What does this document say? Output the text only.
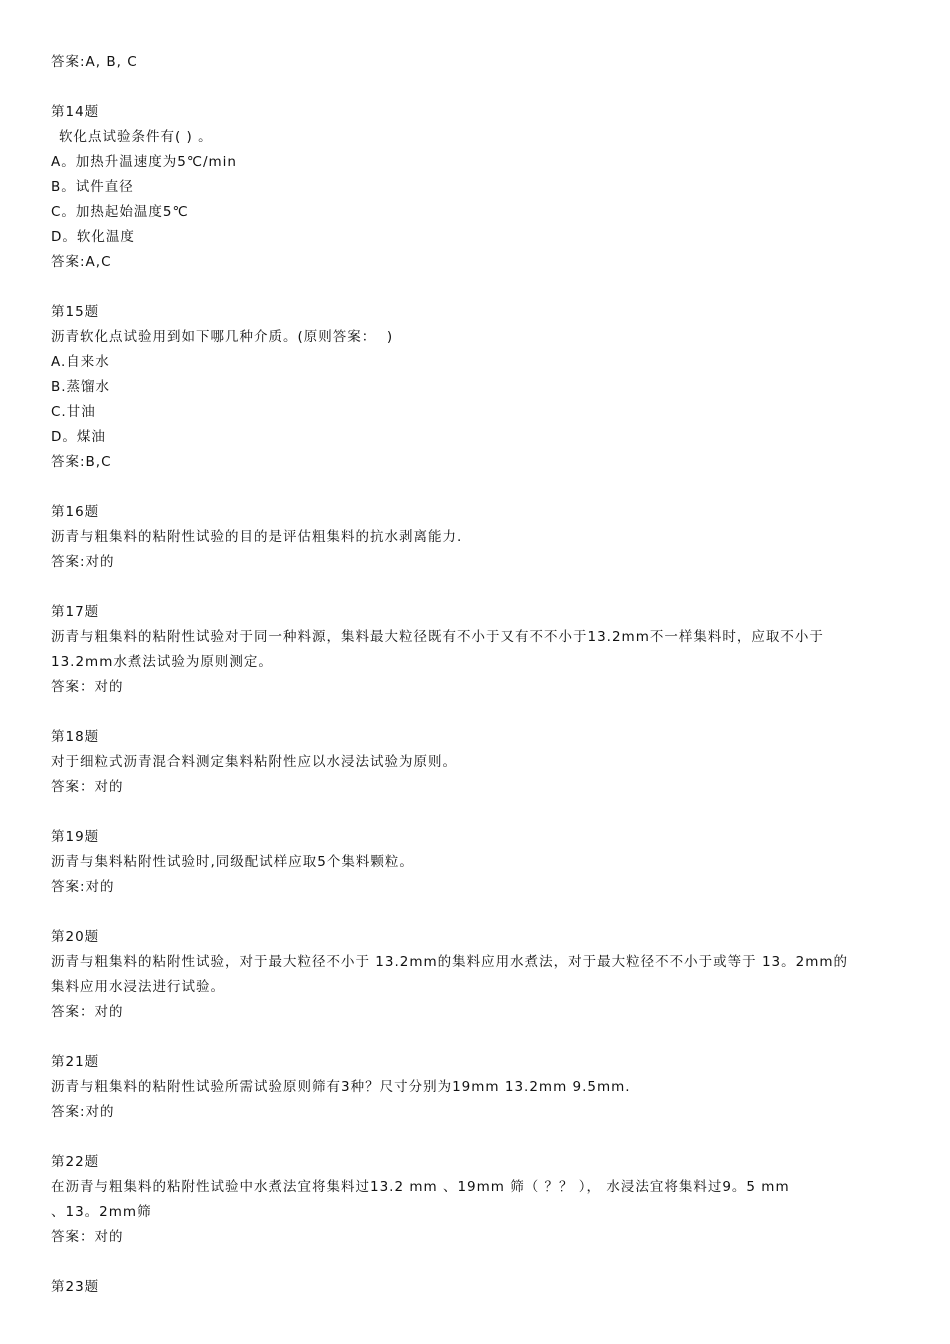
答案:A, B, C
第14题
软化点试验条件有( ) 。
A。加热升温速度为5℃/min
B。试件直径
C。加热起始温度5℃
D。软化温度
答案:A,C
第15题
沥青软化点试验用到如下哪几种介质。(原则答案：  )
A.自来水
B.蒸馏水
C.甘油
D。煤油
答案:B,C
第16题
沥青与粗集料的粘附性试验的目的是评估粗集料的抗水剥离能力.
答案:对的
第17题
沥青与粗集料的粘附性试验对于同一种料源，集料最大粒径既有不小于又有不不小于13.2mm不一样集料时，应取不小于
13.2mm水煮法试验为原则测定。
答案：对的
第18题
对于细粒式沥青混合料测定集料粘附性应以水浸法试验为原则。
答案：对的
第19题
沥青与集料粘附性试验时,同级配试样应取5个集料颗粒。
答案:对的
第20题
沥青与粗集料的粘附性试验，对于最大粒径不小于 13.2mm的集料应用水煮法，对于最大粒径不不小于或等于 13。2mm的
集料应用水浸法进行试验。
答案：对的
第21题
沥青与粗集料的粘附性试验所需试验原则筛有3种？尺寸分别为19mm 13.2mm 9.5mm.
答案:对的
第22题
在沥青与粗集料的粘附性试验中水煮法宜将集料过13.2 mm 、19mm 筛（ ？？ ）， 水浸法宜将集料过9。5 mm
、13。2mm筛
答案：对的
第23题
